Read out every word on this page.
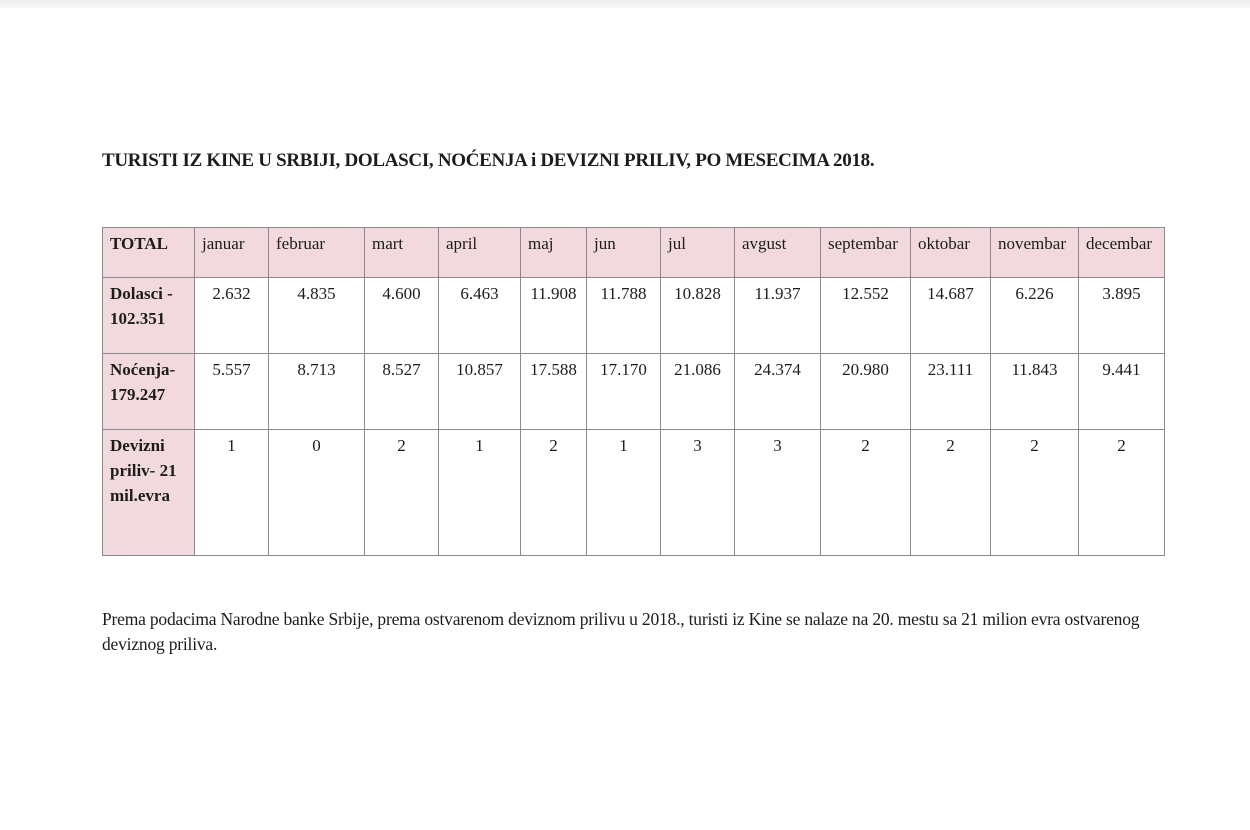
TURISTI IZ KINE U SRBIJI, DOLASCI, NOĆENJA i DEVIZNI PRILIV, PO MESECIMA 2018.
TOTAL	januar	februar	mart	april	maj	jun	jul	avgust	septembar	oktobar	novembar	decembar
Dolasci - 102.351	2.632	4.835	4.600	6.463	11.908	11.788	10.828	11.937	12.552	14.687	6.226	3.895
Noćenja- 179.247	5.557	8.713	8.527	10.857	17.588	17.170	21.086	24.374	20.980	23.111	11.843	9.441
Devizni priliv- 21 mil.evra	1	0	2	1	2	1	3	3	2	2	2	2
Prema podacima Narodne banke Srbije, prema ostvarenom deviznom prilivu u 2018., turisti iz Kine se nalaze na 20. mestu sa 21 milion evra ostvarenog deviznog priliva.
